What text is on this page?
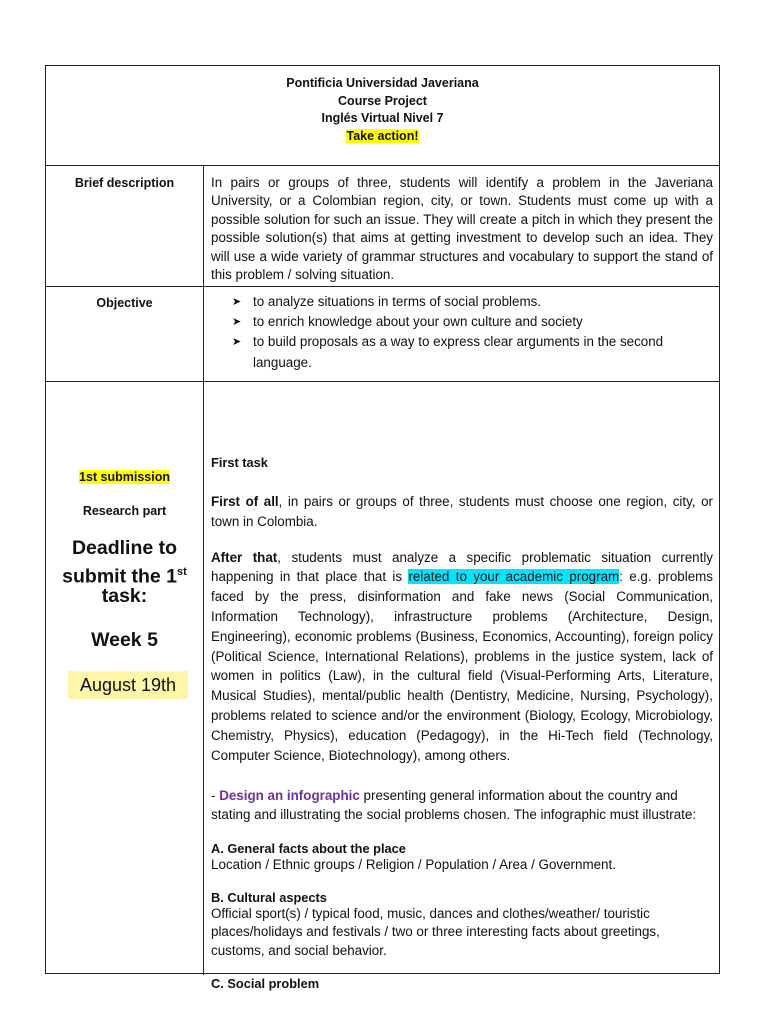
Pontificia Universidad Javeriana
Course Project
Inglés Virtual Nivel 7
Take action!
Brief description	In pairs or groups of three, students will identify a problem in the Javeriana University, or a Colombian region, city, or town. Students must come up with a possible solution for such an issue. They will create a pitch in which they present the possible solution(s) that aims at getting investment to develop such an idea. They will use a wide variety of grammar structures and vocabulary to support the stand of this problem / solving situation.

Objective	➤ to analyze situations in terms of social problems.
➤ to enrich knowledge about your own culture and society
➤ to build proposals as a way to express clear arguments in the second language.
1st submission
Research part
Deadline to
submit the 1st
task:
Week 5
August 19th
First task

First of all, in pairs or groups of three, students must choose one region, city, or town in Colombia.

After that, students must analyze a specific problematic situation currently happening in that place that is related to your academic program: e.g. problems faced by the press, disinformation and fake news (Social Communication, Information Technology), infrastructure problems (Architecture, Design, Engineering), economic problems (Business, Economics, Accounting), foreign policy (Political Science, International Relations), problems in the justice system, lack of women in politics (Law), in the cultural field (Visual-Performing Arts, Literature, Musical Studies), mental/public health (Dentistry, Medicine, Nursing, Psychology), problems related to science and/or the environment (Biology, Ecology, Microbiology, Chemistry, Physics), education (Pedagogy), in the Hi-Tech field (Technology, Computer Science, Biotechnology), among others.

- Design an infographic presenting general information about the country and stating and illustrating the social problems chosen. The infographic must illustrate:

A. General facts about the place

Location / Ethnic groups / Religion / Population / Area / Government.

B. Cultural aspects

Official sport(s) / typical food, music, dances and clothes/weather/ touristic places/holidays and festivals / two or three interesting facts about greetings, customs, and social behavior.

C. Social problem
